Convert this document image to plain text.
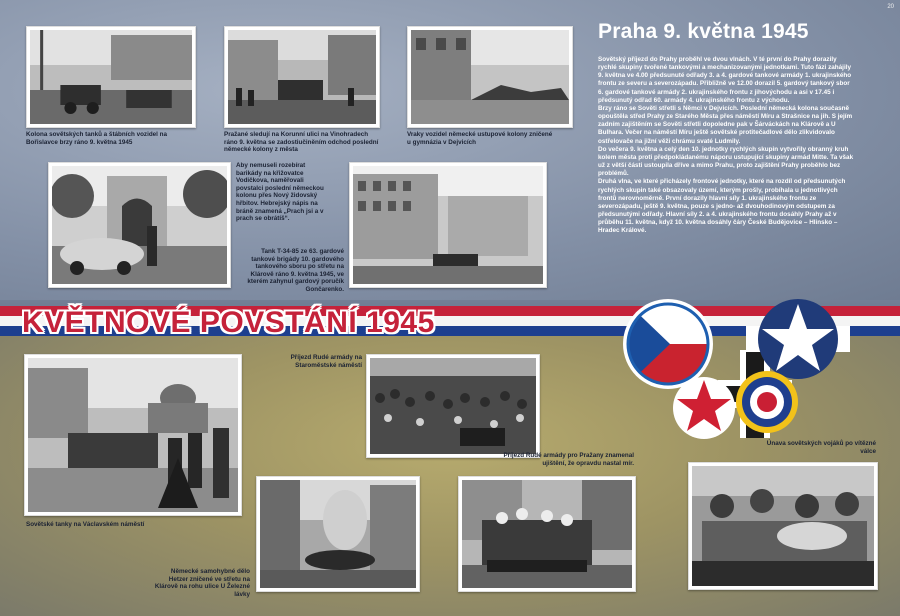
20
Kolona sovětských tanků a štábních vozidel na Bořislavce brzy ráno 9. května 1945
Pražané sledují na Korunní ulici na Vinohradech ráno 9. května se zadostiučiněním odchod poslední německé kolony z města
Vraky vozidel německé ustupové kolony zničené u gymnázia v Dejvicích
Aby nemuseli rozebírat barikády na křižovatce Vodičkova, naměřovali povstalci poslední německou kolonu přes Nový židovský hřbitov. Hebrejský nápis na bráně znamená „Prach jsi a v prach se obrátíš“.
Tank T-34-85 ze 63. gardové tankové brigády 10. gardového tankového sboru po střetu na Klárově ráno 9. května 1945, ve kterém zahynul gardový poručík Gončarenko.
Praha 9. května 1945

Sovětský příjezd do Prahy proběhl ve dvou vlnách. V té první do Prahy dorazily rychlé skupiny tvořené tankovými a mechanizovanými jednotkami. Tuto fázi zahájily 9. května ve 4.00 předsunuté odřady 3. a 4. gardové tankové armády 1. ukrajinského frontu ze severu a severozápadu. Přibližně ve 12.00 dorazil 5. gardový tankový sbor 6. gardové tankové armády 2. ukrajinského frontu z jihovýchodu a asi v 17.45 i předsunutý odřad 60. armády 4. ukrajinského frontu z východu.

Brzy ráno se Sověti střetli s Němci v Dejvicích. Poslední německá kolona současně opouštěla střed Prahy ze Starého Města přes náměstí Míru a Strašnice na jih. S jejím zadním zajištěním se Sověti střetli dopoledne pak v Šárváckách na Klárově a U Bulhara. Večer na náměstí Míru ještě sovětské protitečadlové dělo zlikvidovalo ostřelovače na jižní věži chrámu svaté Ludmily.

Do večera 9. května a celý den 10. jednotky rychlých skupin vytvořily obranný kruh kolem města proti předpokládanému náporu ustupující skupiny armád Mitte. Ta však už z větší části ustoupila dříve a mimo Prahu, proto zajištění Prahy proběhlo bez problémů.

Druhá vlna, ve které přicházely frontové jednotky, které na rozdíl od předsunutých rychlých skupin také obsazovaly území, kterým prošly, probíhala u jednotlivých frontů nerovnoměrně. První dorazily hlavní síly 1. ukrajinského frontu ze severozápadu, ještě 9. května, pouze s jedno- až dvouhodinovým odstupem za předsunutými odřady. Hlavní síly 2. a 4. ukrajinského frontu dosáhly Prahy až v průběhu 11. května, když 10. května dosáhly čáry České Budějovice – Hlinsko – Hradec Králové.

KVĚTNOVÉ POVSTÁNÍ 1945
Sovětské tanky na Václavském náměstí
Příjezd Rudé armády na Staroměstské náměstí
Německé samohybné dělo Hetzer zničené ve střetu na Klárově na rohu ulice U Železné lávky
Příjezd Rudé armády pro Pražany znamenal ujištění, že opravdu nastal mír.
Únava sovětských vojáků po vítězné válce
